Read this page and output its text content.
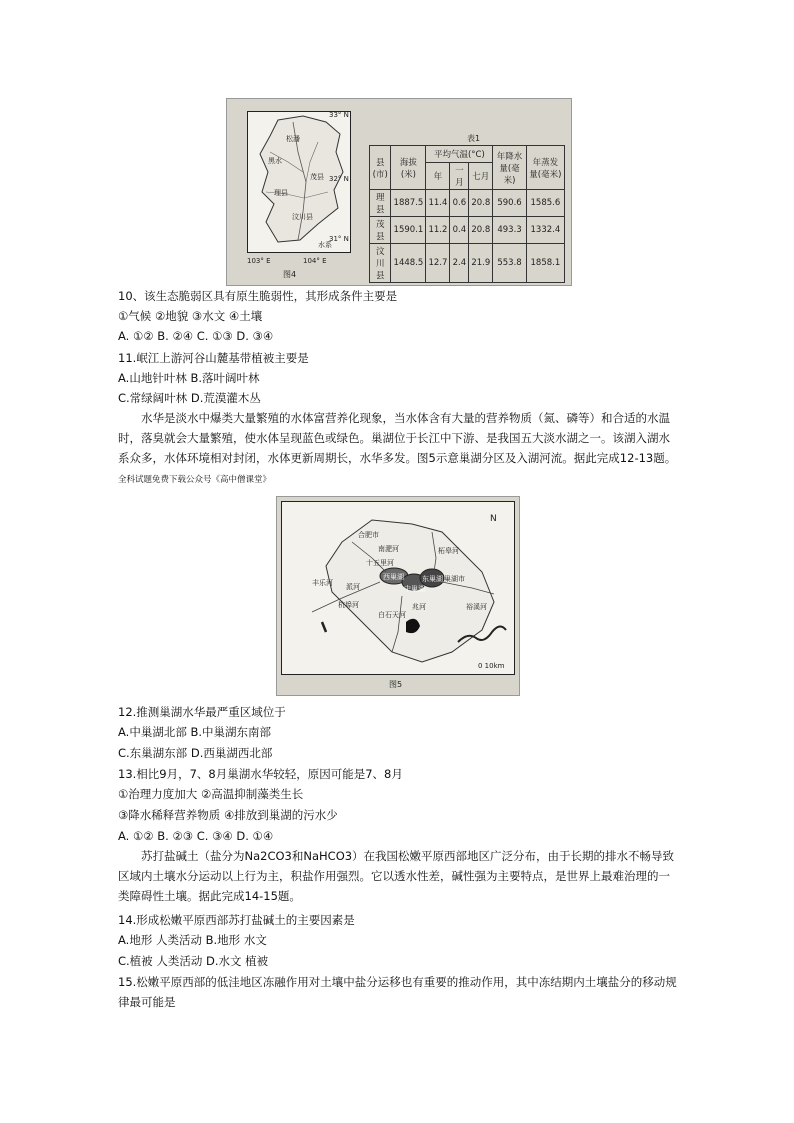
松潘
黑水
茂县
理县
汶川县
水系
33° N
32° N
31° N
103° E	104° E
图4
表1
县(市)	海拔(米)	平均气温(°C)			年降水量(毫米)	年蒸发量(毫米)
		年	一月	七月		
理县	1887.5	11.4	0.6	20.8	590.6	1585.6
茂县	1590.1	11.2	0.4	20.8	493.3	1332.4
汶川县	1448.5	12.7	2.4	21.9	553.8	1858.1
10、该生态脆弱区具有原生脆弱性，其形成条件主要是
①气候 ②地貌 ③水文 ④土壤
A. ①② B. ②④ C. ①③ D. ③④
11.岷江上游河谷山麓基带植被主要是
A.山地针叶林 B.落叶阔叶林
C.常绿阔叶林 D.荒漠灌木丛
水华是淡水中爆类大量繁殖的水体富营养化现象，当水体含有大量的营养物质（氮、磷等）和合适的水温时，落臭就会大量繁殖，使水体呈现蓝色或绿色。巢湖位于长江中下游、是我国五大淡水湖之一。该湖入湖水系众多，水体环境相对封闭，水体更新周期长，水华多发。图5示意巢湖分区及入湖河流。据此完成12-13题。全科试题免费下载公众号《高中僧课堂》
合肥市
巢湖市
南淝河
十五里河
派河
杭埠河
白石天河
兆河
柘皋河
裕溪河
丰乐河
西巢湖
中巢湖
东巢湖
N
0 10km
图5
12.推测巢湖水华最严重区域位于
A.中巢湖北部 B.中巢湖东南部
C.东巢湖东部 D.西巢湖西北部
13.相比9月，7、8月巢湖水华较轻，原因可能是7、8月
①治理力度加大 ②高温抑制藻类生长
③降水稀释营养物质 ④排放到巢湖的污水少
A. ①② B. ②③ C. ③④ D. ①④
苏打盐碱土（盐分为Na2CO3和NaHCO3）在我国松嫩平原西部地区广泛分布，由于长期的排水不畅导致区域内土壤水分运动以上行为主，积盐作用强烈。它以透水性差，碱性强为主要特点，是世界上最难治理的一类障碍性土壤。据此完成14-15题。
14.形成松嫩平原西部苏打盐碱土的主要因素是
A.地形 人类活动 B.地形 水文
C.植被 人类活动 D.水文 植被
15.松嫩平原西部的低洼地区冻融作用对土壤中盐分运移也有重要的推动作用，其中冻结期内土壤盐分的移动规律最可能是
